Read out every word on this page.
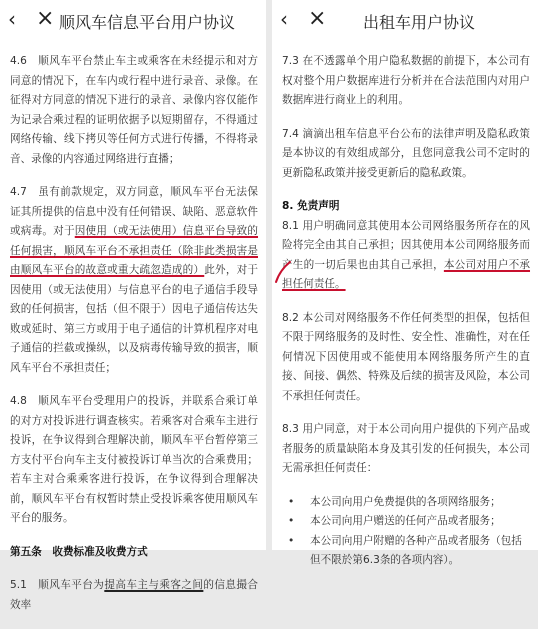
‹ × 顺风车信息平台用户协议
4.6　顺风车平台禁止车主或乘客在未经提示和对方同意的情况下，在车内或行程中进行录音、录像。在征得对方同意的情况下进行的录音、录像内容仅能作为记录合乘过程的证明依据予以短期留存，不得通过网络传输、线下拷贝等任何方式进行传播，不得将录音、录像的内容通过网络进行直播；
4.7　虽有前款规定，双方同意，顺风车平台无法保证其所提供的信息中没有任何错误、缺陷、恶意软件或病毒。对于因使用（或无法使用）信息平台导致的任何损害，顺风车平台不承担责任（除非此类损害是由顺风车平台的故意或重大疏忽造成的）此外，对于因使用（或无法使用）与信息平台的电子通信手段导致的任何损害，包括（但不限于）因电子通信传达失败或延时、第三方或用于电子通信的计算机程序对电子通信的拦截或操纵，以及病毒传输导致的损害，顺风车平台不承担责任；
4.8　顺风车平台受理用户的投诉，并联系合乘订单的对方对投诉进行调查核实。若乘客对合乘车主进行投诉，在争议得到合理解决前，顺风车平台暂停第三方支付平台向车主支付被投诉订单当次的合乘费用；若车主对合乘乘客进行投诉，在争议得到合理解决前，顺风车平台有权暂时禁止受投诉乘客使用顺风车平台的服务。
第五条　收费标准及收费方式
5.1　顺风车平台为提高车主与乘客之间的信息撮合效率
‹ ×	出租车用户协议
7.3 在不透露单个用户隐私数据的前提下，本公司有权对整个用户数据库进行分析并在合法范围内对用户数据库进行商业上的利用。
7.4 滴滴出租车信息平台公布的法律声明及隐私政策是本协议的有效组成部分，且您同意我公司不定时的更新隐私政策并接受更新后的隐私政策。
8. 免责声明
8.1 用户明确同意其使用本公司网络服务所存在的风险将完全由其自己承担；因其使用本公司网络服务而产生的一切后果也由其自己承担，本公司对用户不承担任何责任。
8.2 本公司对网络服务不作任何类型的担保，包括但不限于网络服务的及时性、安全性、准确性，对在任何情况下因使用或不能使用本网络服务所产生的直接、间接、偶然、特殊及后续的损害及风险，本公司不承担任何责任。
8.3 用户同意，对于本公司向用户提供的下列产品或者服务的质量缺陷本身及其引发的任何损失，本公司无需承担任何责任：
• 本公司向用户免费提供的各项网络服务；
• 本公司向用户赠送的任何产品或者服务；
• 本公司向用户附赠的各种产品或者服务（包括但不限於第6.3条的各项内容）。
